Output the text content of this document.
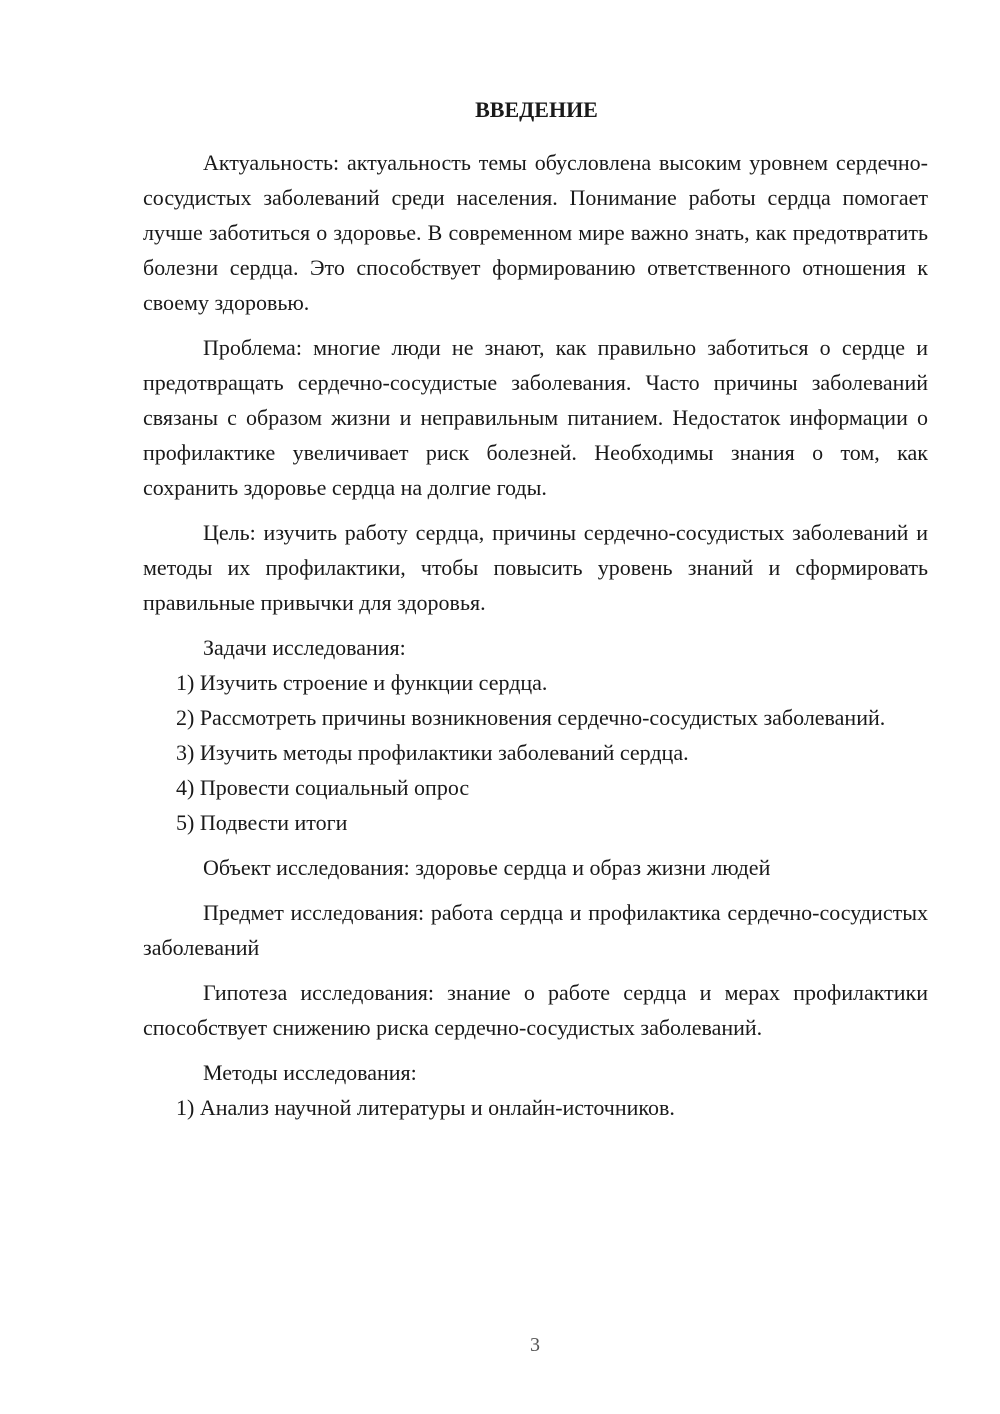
ВВЕДЕНИЕ

Актуальность: актуальность темы обусловлена высоким уровнем сердечно-сосудистых заболеваний среди населения. Понимание работы сердца помогает лучше заботиться о здоровье. В современном мире важно знать, как предотвратить болезни сердца. Это способствует формированию ответственного отношения к своему здоровью.

Проблема: многие люди не знают, как правильно заботиться о сердце и предотвращать сердечно-сосудистые заболевания. Часто причины заболеваний связаны с образом жизни и неправильным питанием. Недостаток информации о профилактике увеличивает риск болезней. Необходимы знания о том, как сохранить здоровье сердца на долгие годы.

Цель: изучить работу сердца, причины сердечно-сосудистых заболеваний и методы их профилактики, чтобы повысить уровень знаний и сформировать правильные привычки для здоровья.

Задачи исследования:

1) Изучить строение и функции сердца.

2) Рассмотреть причины возникновения сердечно-сосудистых заболеваний.

3) Изучить методы профилактики заболеваний сердца.

4) Провести социальный опрос

5) Подвести итоги

Объект исследования: здоровье сердца и образ жизни людей

Предмет исследования: работа сердца и профилактика сердечно-сосудистых заболеваний

Гипотеза исследования: знание о работе сердца и мерах профилактики способствует снижению риска сердечно-сосудистых заболеваний.

Методы исследования:

1) Анализ научной литературы и онлайн-источников.

3
